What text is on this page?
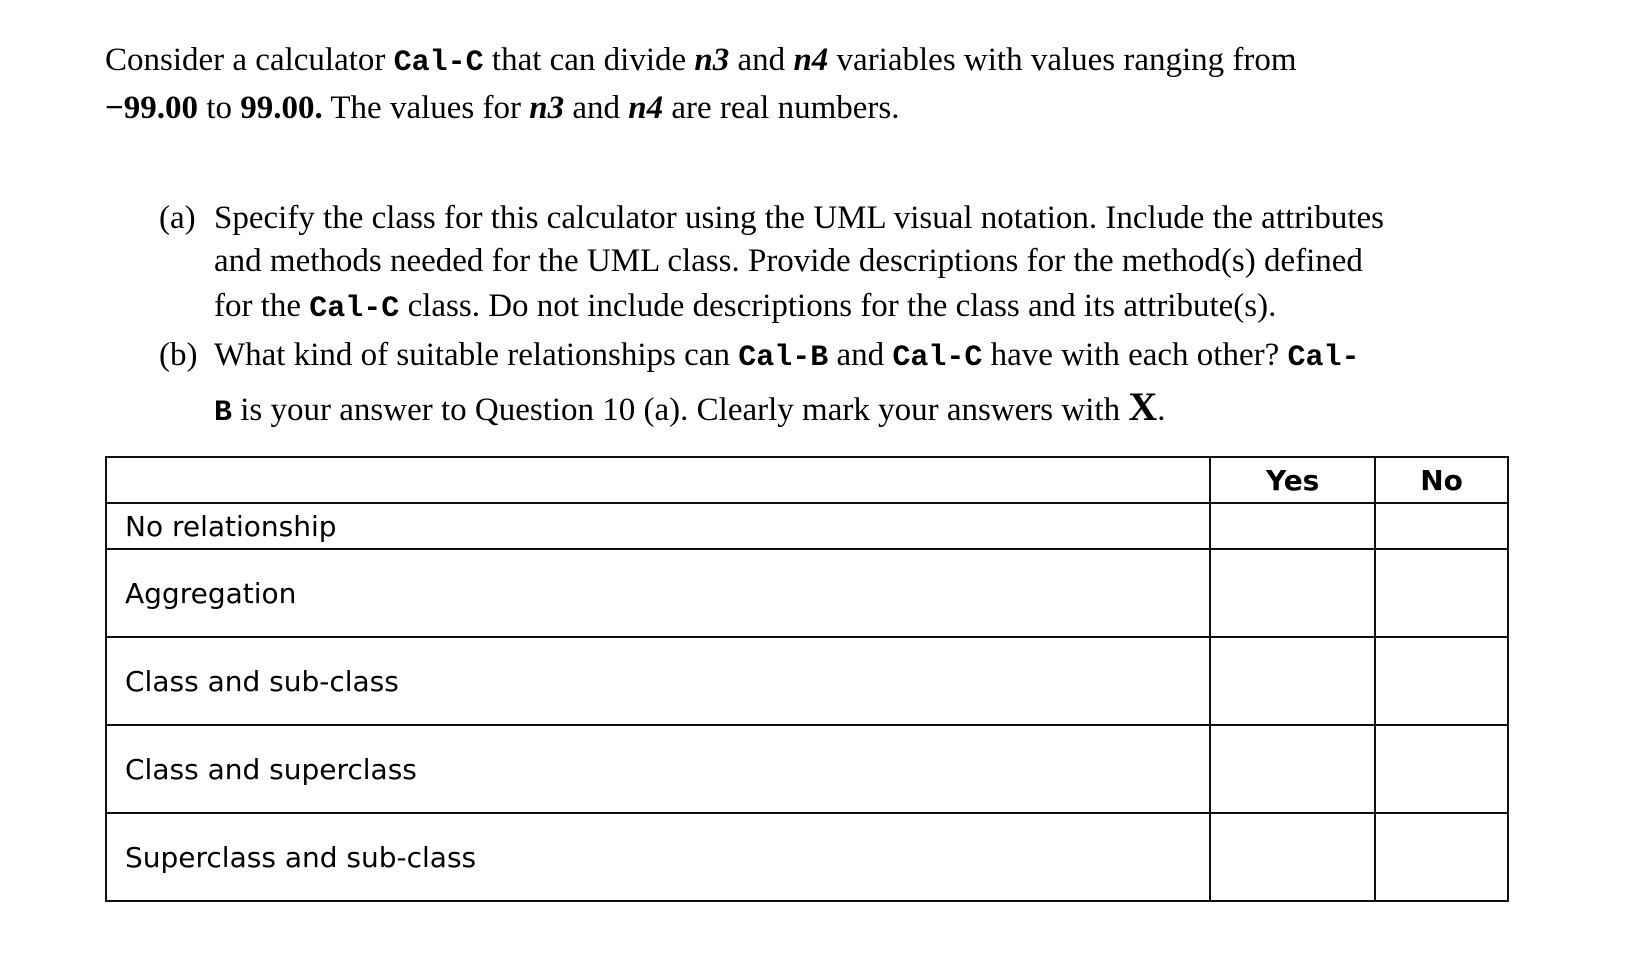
Consider a calculator Cal-C that can divide n3 and n4 variables with values ranging from
−99.00 to 99.00. The values for n3 and n4 are real numbers.
(a) Specify the class for this calculator using the UML visual notation. Include the attributes
and methods needed for the UML class. Provide descriptions for the method(s) defined
for the Cal-C class. Do not include descriptions for the class and its attribute(s).
(b) What kind of suitable relationships can Cal-B and Cal-C have with each other? Cal-
B is your answer to Question 10 (a). Clearly mark your answers with X.
	Yes	No
No relationship		
Aggregation		
Class and sub-class		
Class and superclass		
Superclass and sub-class		
